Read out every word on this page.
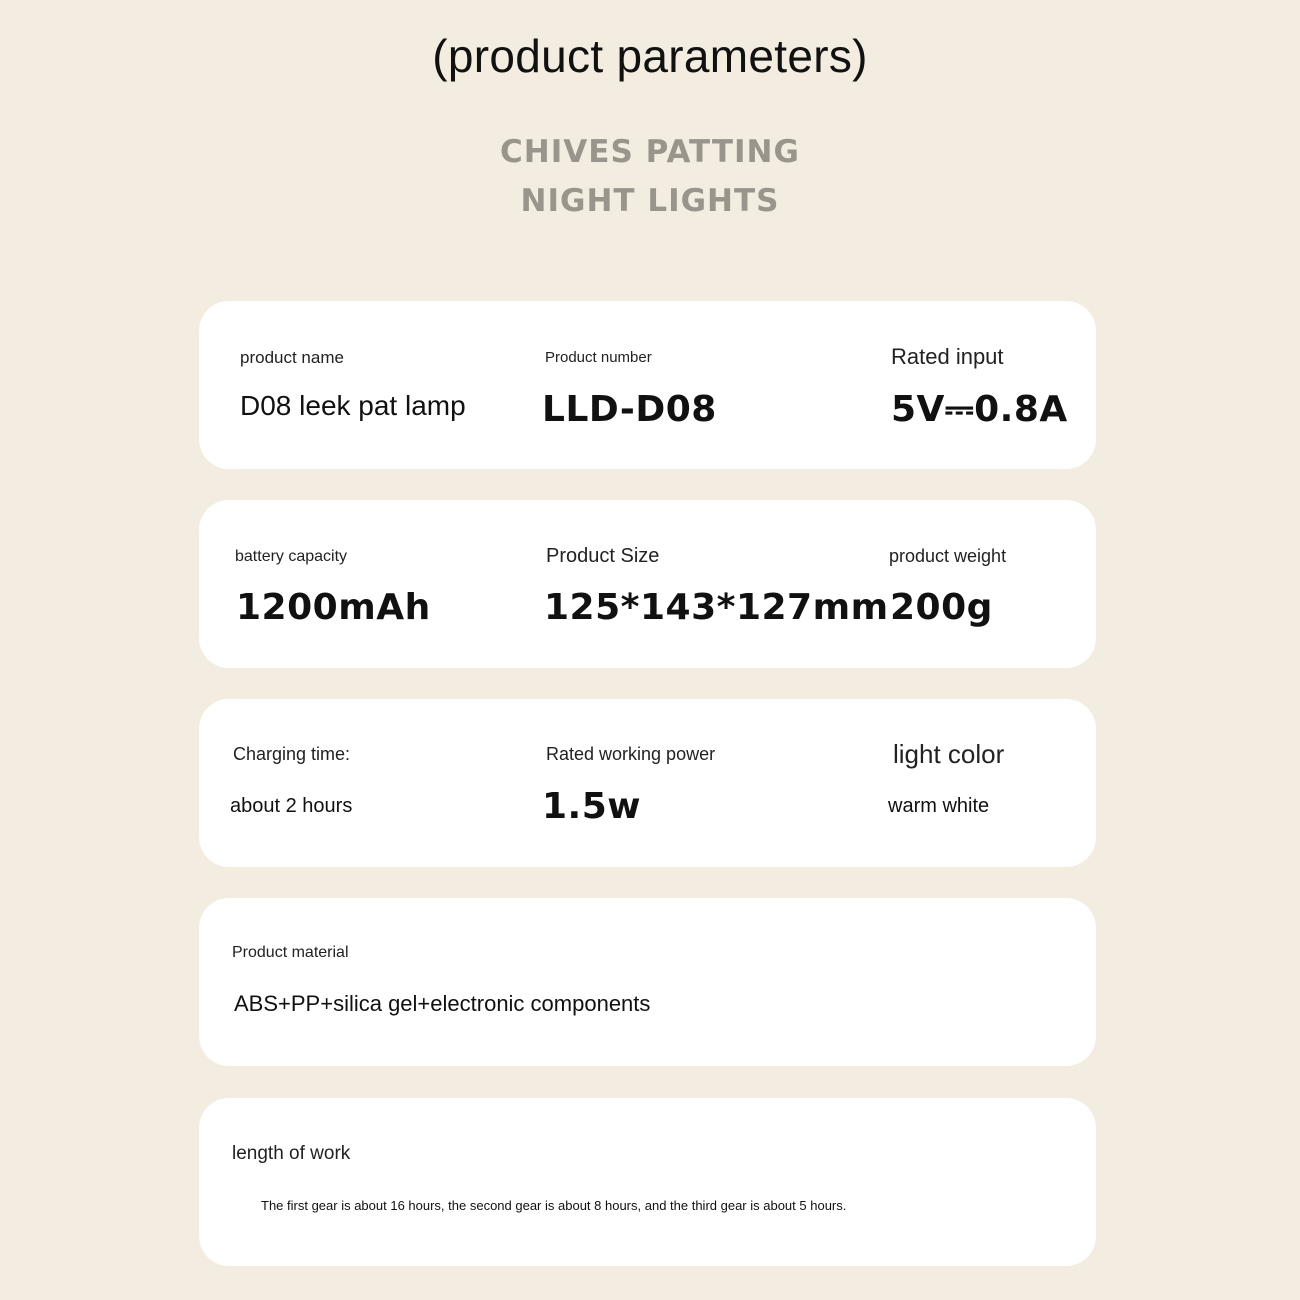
(product parameters)
CHIVES PATTING
NIGHT LIGHTS
product name
D08 leek pat lamp
Product number
LLD-D08
Rated input
5V⎓0.8A
battery capacity
1200mAh
Product Size
125*143*127mm
product weight
200g
Charging time:
about 2 hours
Rated working power
1.5w
light color
warm white
Product material
ABS+PP+silica gel+electronic components
length of work
The first gear is about 16 hours, the second gear is about 8 hours, and the third gear is about 5 hours.
